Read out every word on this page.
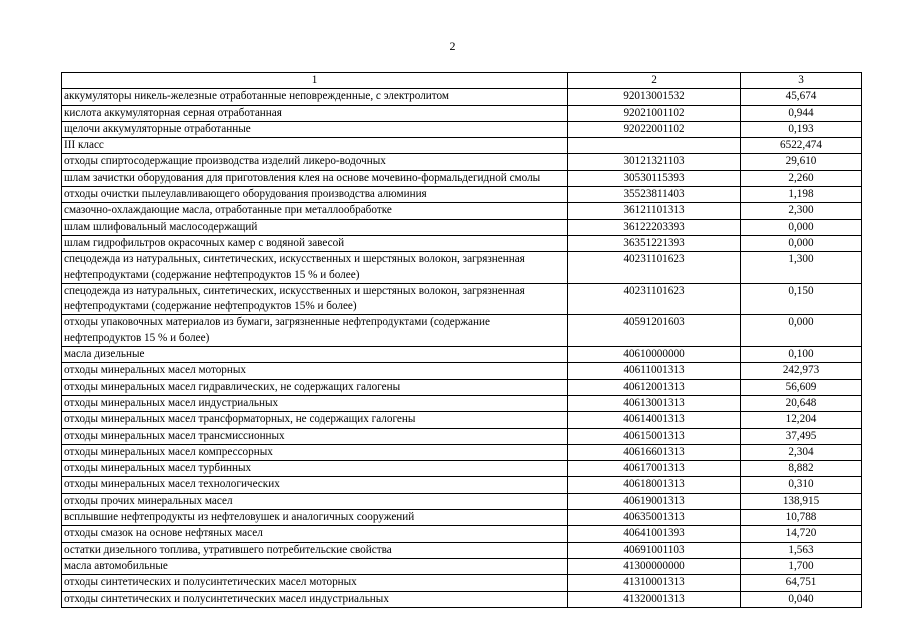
2
1	2	3
аккумуляторы никель-железные отработанные неповрежденные, с электролитом	92013001532	45,674
кислота аккумуляторная серная отработанная	92021001102	0,944
щелочи аккумуляторные отработанные	92022001102	0,193
III класс		6522,474
отходы спиртосодержащие производства изделий ликеро-водочных	30121321103	29,610
шлам зачистки оборудования для приготовления клея на основе мочевино-формальдегидной смолы	30530115393	2,260
отходы очистки пылеулавливающего оборудования производства алюминия	35523811403	1,198
смазочно-охлаждающие масла, отработанные при металлообработке	36121101313	2,300
шлам шлифовальный маслосодержащий	36122203393	0,000
шлам гидрофильтров окрасочных камер с водяной завесой	36351221393	0,000
спецодежда из натуральных, синтетических, искусственных и шерстяных волокон, загрязненная нефтепродуктами (содержание нефтепродуктов 15 % и более)	40231101623	1,300
спецодежда из натуральных, синтетических, искусственных и шерстяных волокон, загрязненная нефтепродуктами (содержание нефтепродуктов 15% и более)	40231101623	0,150
отходы упаковочных материалов из бумаги, загрязненные нефтепродуктами (содержание нефтепродуктов 15 % и более)	40591201603	0,000
масла дизельные	40610000000	0,100
отходы минеральных масел моторных	40611001313	242,973
отходы минеральных масел гидравлических, не содержащих галогены	40612001313	56,609
отходы минеральных масел индустриальных	40613001313	20,648
отходы минеральных масел трансформаторных, не содержащих галогены	40614001313	12,204
отходы минеральных масел трансмиссионных	40615001313	37,495
отходы минеральных масел компрессорных	40616601313	2,304
отходы минеральных масел турбинных	40617001313	8,882
отходы минеральных масел технологических	40618001313	0,310
отходы прочих минеральных масел	40619001313	138,915
всплывшие нефтепродукты из нефтеловушек и аналогичных сооружений	40635001313	10,788
отходы смазок на основе нефтяных масел	40641001393	14,720
остатки дизельного топлива, утратившего потребительские свойства	40691001103	1,563
масла автомобильные	41300000000	1,700
отходы синтетических и полусинтетических масел моторных	41310001313	64,751
отходы синтетических и полусинтетических масел индустриальных	41320001313	0,040
